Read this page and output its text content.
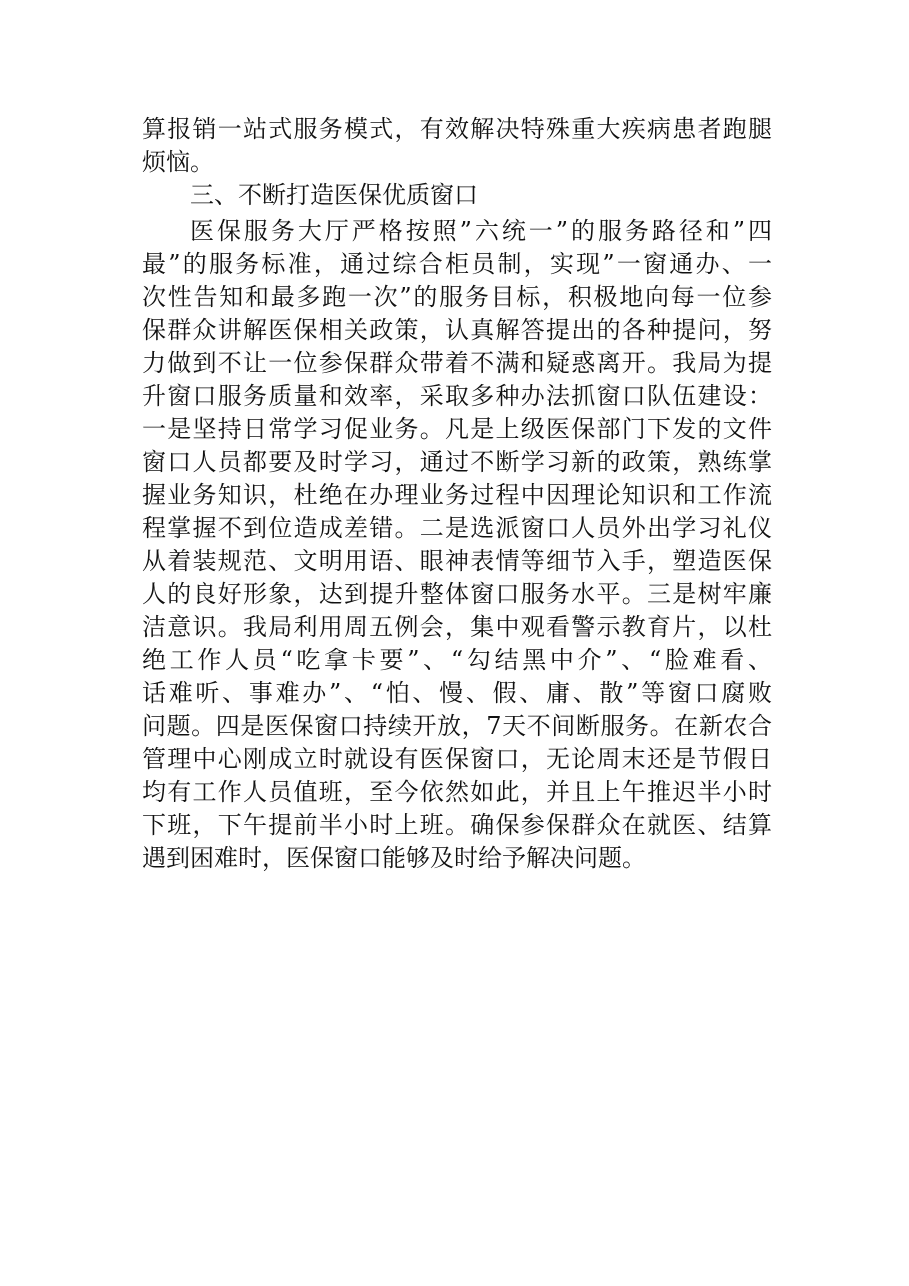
算报销一站式服务模式，有效解决特殊重大疾病患者跑腿
烦恼。
三、不断打造医保优质窗口
医保服务大厅严格按照”六统一”的服务路径和”四
最”的服务标准，通过综合柜员制，实现”一窗通办、一
次性告知和最多跑一次”的服务目标，积极地向每一位参
保群众讲解医保相关政策，认真解答提出的各种提问，努
力做到不让一位参保群众带着不满和疑惑离开。我局为提
升窗口服务质量和效率，采取多种办法抓窗口队伍建设：
一是坚持日常学习促业务。凡是上级医保部门下发的文件
窗口人员都要及时学习，通过不断学习新的政策，熟练掌
握业务知识，杜绝在办理业务过程中因理论知识和工作流
程掌握不到位造成差错。二是选派窗口人员外出学习礼仪
从着装规范、文明用语、眼神表情等细节入手，塑造医保
人的良好形象，达到提升整体窗口服务水平。三是树牢廉
洁意识。我局利用周五例会，集中观看警示教育片，以杜
绝工作人员“吃拿卡要”、“勾结黑中介”、“脸难看、
话难听、事难办”、“怕、慢、假、庸、散”等窗口腐败
问题。四是医保窗口持续开放，7天不间断服务。在新农合
管理中心刚成立时就设有医保窗口，无论周末还是节假日
均有工作人员值班，至今依然如此，并且上午推迟半小时
下班，下午提前半小时上班。确保参保群众在就医、结算
遇到困难时，医保窗口能够及时给予解决问题。
